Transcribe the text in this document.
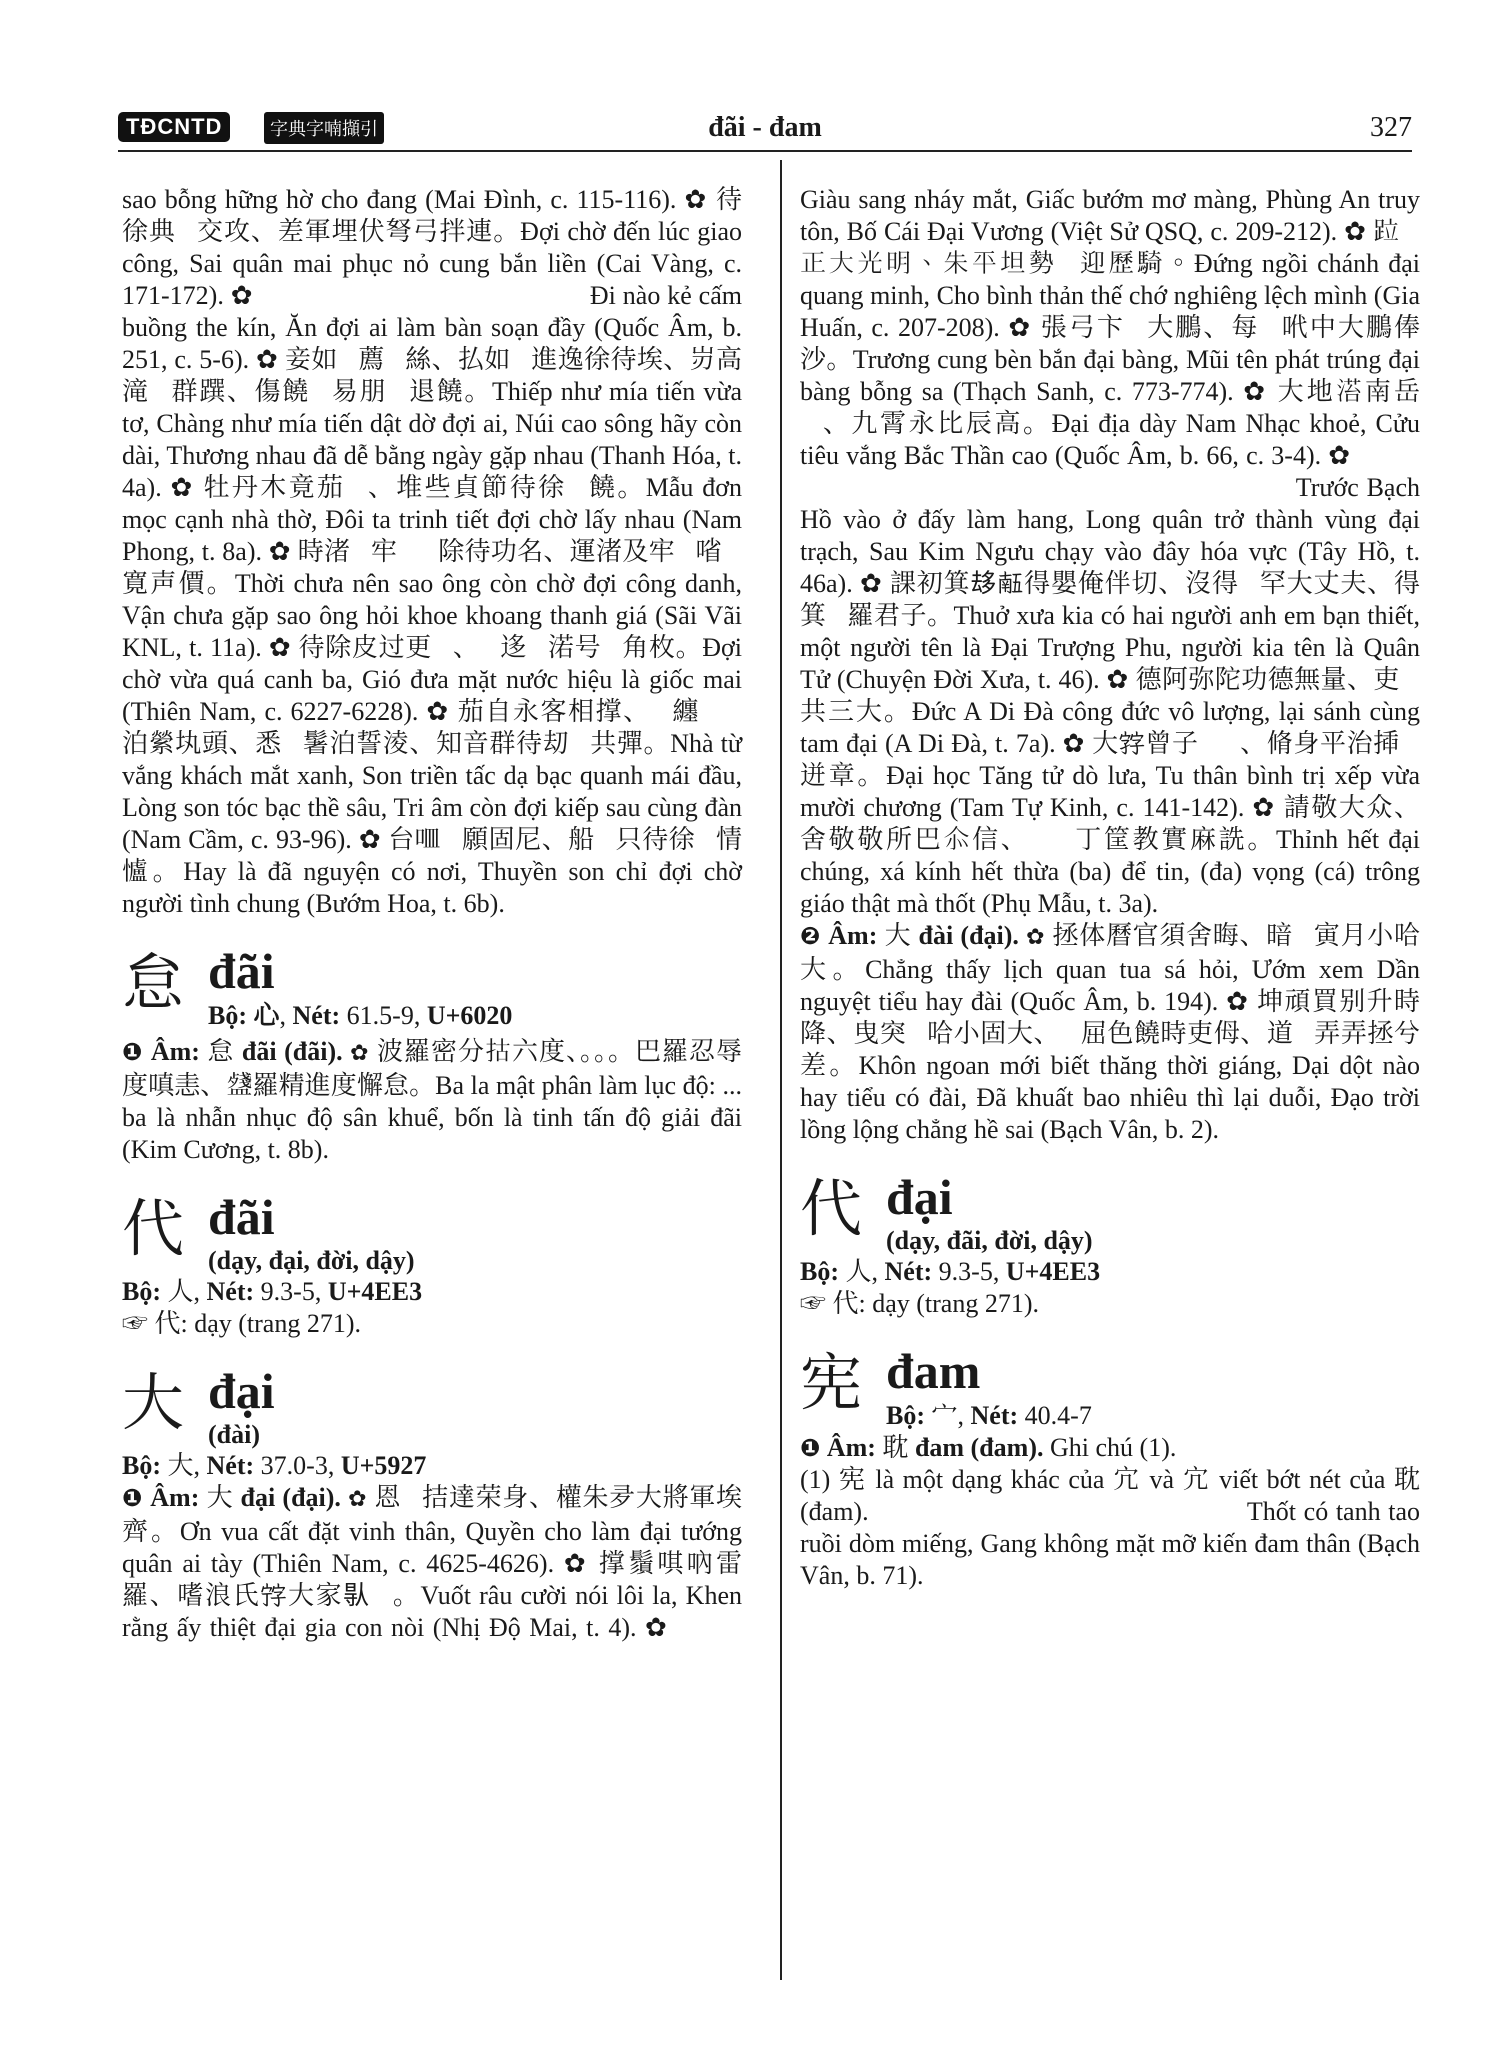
TĐCNTD	字典字喃擷引	đãi - đam	327

sao bỗng hững hờ cho đang (Mai Đình, c. 115-116). ✿ 待徐典𣋚交攻、差軍埋伏弩弓拌連。Đợi chờ đến lúc giao công, Sai quân mai phục nỏ cung bắn liền (Cai Vàng, c. 171-172). ✿ 𡛔市几禁𨆷絁謹、咹待埃濫盤餅沓。Đi nào kẻ cấm buồng the kín, Ăn đợi ai làm bàn soạn đầy (Quốc Âm, b. 251, c. 5-6). ✿ 妾如𦹵薦𧛊絲、払如𦹵進逸徐待埃、岃高滝𡀮群䠣、傷饒𠀲易朋𦋦退饒。Thiếp như mía tiến vừa tơ, Chàng như mía tiến dật dờ đợi ai, Núi cao sông hãy còn dài, Thương nhau đã dễ bằng ngày gặp nhau (Thanh Hóa, t. 4a). ✿ 牡丹木竟茄𣘃、堆些貞節待徐𥚄饒。Mẫu đơn mọc cạnh nhà thờ, Đôi ta trinh tiết đợi chờ lấy nhau (Nam Phong, t. 8a). ✿ 時渚𨓡牢𡞕𥈗除待功名、運渚及牢𡞕㗂𡀮寛声價。Thời chưa nên sao ông còn chờ đợi công danh, Vận chưa gặp sao ông hỏi khoe khoang thanh giá (Sãi Vãi KNL, t. 11a). ✿ 待除皮过更𢀨、𩙌迻𣼻渃号𠱤角枚。Đợi chờ vừa quá canh ba, Gió đưa mặt nước hiệu là giốc mai (Thiên Nam, c. 6227-6228). ✿ 茄自永客相撑、𨋤纏𩯀𦟐泊縈𡉕頭、悉𨋤䰇泊誓淩、知音群待刧𡓇共彈。Nhà từ vắng khách mắt xanh, Son triền tấc dạ bạc quanh mái đầu, Lòng son tóc bạc thề sâu, Tri âm còn đợi kiếp sau cùng đàn (Nam Cầm, c. 93-96). ✿ 台𠰘𠀲願固尼、船𨋤只待徐𢬣情𢥈。Hay là đã nguyện có nơi, Thuyền son chỉ đợi chờ người tình chung (Bướm Hoa, t. 6b).

怠 đãi
Bộ: 心, Nét: 61.5-9, U+6020

❶ Âm: 怠 đãi (đãi). ✿ 波羅密分𢫈六度、。。。巴羅忍辱度嗔恚、𥂥羅精進度懈怠。Ba la mật phân làm lục độ: ... ba là nhẫn nhục độ sân khuể, bốn là tinh tấn độ giải đãi (Kim Cương, t. 8b).

代 đãi
(dạy, đại, đời, dậy)
Bộ: 人, Nét: 9.3-5, U+4EE3

☞ 代: dạy (trang 271).

大 đại
(đài)
Bộ: 大, Nét: 37.0-3, U+5927

❶ Âm: 大 đại (đại). ✿ 恩𢧚拮達荣身、權朱夛大將軍埃齊。Ơn vua cất đặt vinh thân, Quyền cho làm đại tướng quân ai tày (Thiên Nam, c. 4625-4626). ✿ 撑鬚唭吶雷羅、嗜浪氏𡨸大家𠊛𤞻。Vuốt râu cười nói lôi la, Khen rằng ấy thiệt đại gia con nòi (Nhị Độ Mai, t. 4). ✿ 𪖫𪖫䁆眜、𥉩蛇𥊣𥊞、馮安追尊、布𥃞大王。

Giàu sang nháy mắt, Giấc bướm mơ màng, Phùng An truy tôn, Bố Cái Đại Vương (Việt Sử QSQ, c. 209-212). ✿ 𨀎𨅹正大光明、朱平坦勢𦘧迎歷騎。Đứng ngồi chánh đại quang minh, Cho bình thản thế chớ nghiêng lệch mình (Gia Huấn, c. 207-208). ✿ 張弓卞𢴑大鵬、每𥯉𠰺中大鵬俸沙。Trương cung bèn bắn đại bàng, Mũi tên phát trúng đại bàng bỗng sa (Thạch Sanh, c. 773-774). ✿ 大地𣹓南岳𨖅、九霄永比辰高。Đại địa dày Nam Nhạc khoẻ, Cửu tiêu vắng Bắc Thần cao (Quốc Âm, b. 66, c. 3-4). ✿ 𦋦白狐𠶸於帝夕𤔻、龍君擼城𨖅大澤、轉金牛𨀈𠶸低化域。Trước Bạch Hồ vào ở đấy làm hang, Long quân trở thành vùng đại trạch, Sau Kim Ngưu chạy vào đây hóa vực (Tây Hồ, t. 46a). ✿ 課初箕𠫾𠄼得嬰俺伴切、沒得𥯉罕大丈夫、得箕𥯉羅君子。Thuở xưa kia có hai người anh em bạn thiết, một người tên là Đại Trượng Phu, người kia tên là Quân Tử (Chuyện Đời Xưa, t. 46). ✿ 德阿弥陀功德無量、吏𦖑共三大。Đức A Di Đà công đức vô lượng, lại sánh cùng tam đại (A Di Đà, t. 7a). ✿ 大𡦂曾子𨁚𨁦、脩身平治揷𧛊迸章。Đại học Tăng tử dò lưa, Tu thân bình trị xếp vừa mười chương (Tam Tự Kinh, c. 141-142). ✿ 請敬大众、舍敬敬所巴𠇍信、𡗉𠦳丁筐教實麻詵。Thỉnh hết đại chúng, xá kính hết thừa (ba) để tin, (đa) vọng (cá) trông giáo thật mà thốt (Phụ Mẫu, t. 3a).

❷ Âm: 大 đài (đại). ✿ 拯体曆官須舍晦、暗𥚇寅月小哈大。Chẳng thấy lịch quan tua sá hỏi, Ướm xem Dần nguyệt tiểu hay đài (Quốc Âm, b. 194). ✿ 坤頑買别升時降、曳突𣈙哈小固大、𠀲屈色饒時吏㑄、道𡗶弄弄拯兮差。Khôn ngoan mới biết thăng thời giáng, Dại dột nào hay tiểu có đài, Đã khuất bao nhiêu thì lại duỗi, Đạo trời lồng lộng chẳng hề sai (Bạch Vân, b. 2).

代 đại
(dạy, đãi, đời, dậy)
Bộ: 人, Nét: 9.3-5, U+4EE3

☞ 代: dạy (trang 271).

宪 đam
Bộ: 宀, Nét: 40.4-7

❶ Âm: 耽 đam (đam). Ghi chú (1).

(1) 宪 là một dạng khác của 宂 và 宂 viết bớt nét của 耽 (đam). ✿ 𣘄固醒𧋆蛛𥉩𠿆、𡏧空窒𦟐蚬宪身。Thốt có tanh tao ruồi dòm miếng, Gang không mặt mỡ kiến đam thân (Bạch Vân, b. 71).
